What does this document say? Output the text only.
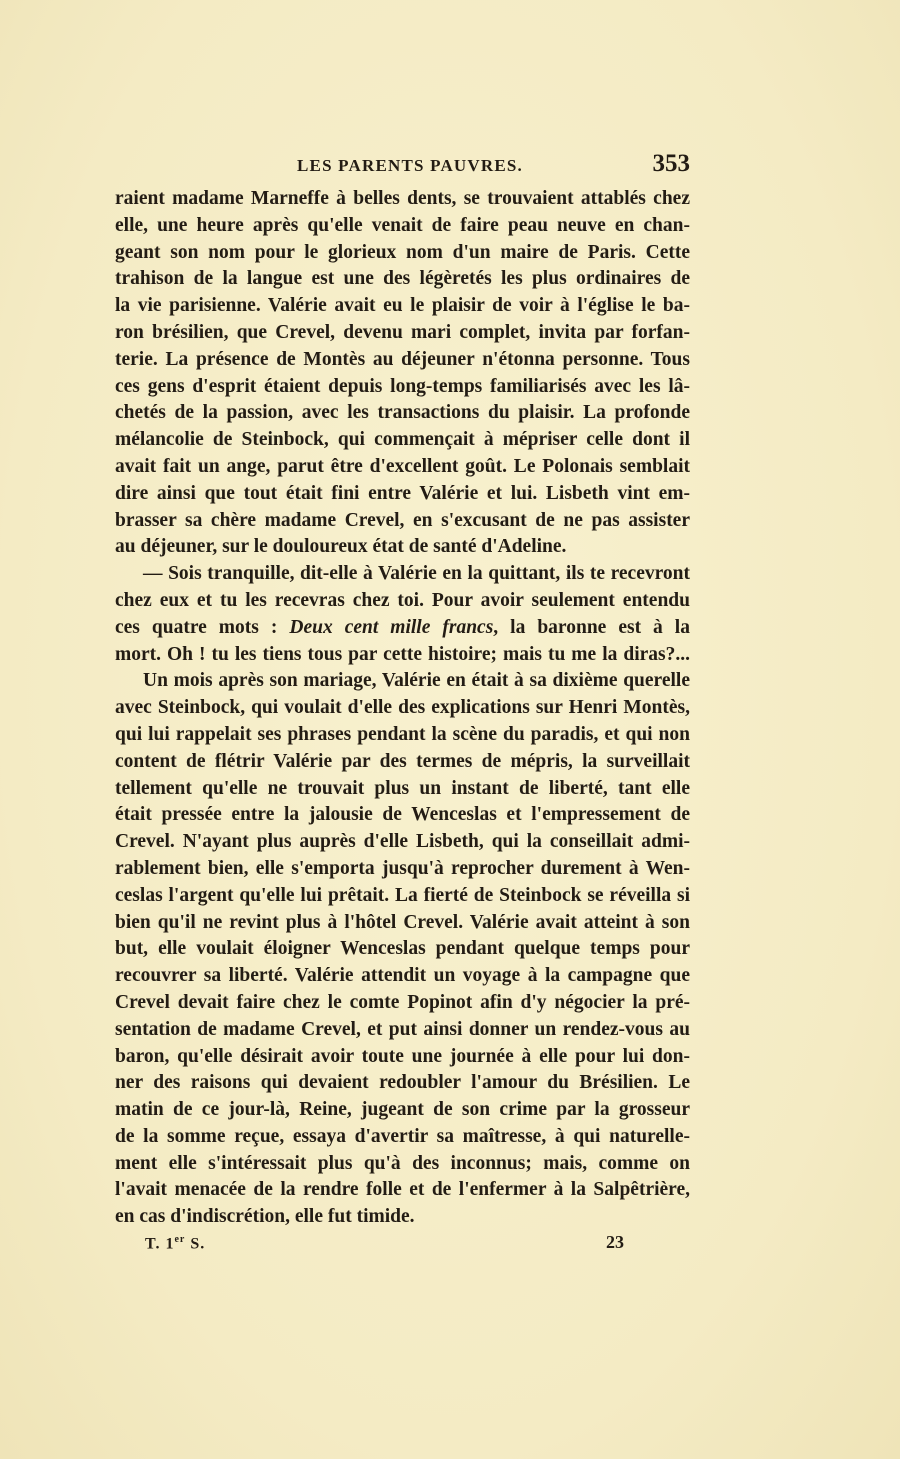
LES PARENTS PAUVRES.	353
raient madame Marneffe à belles dents, se trouvaient attablés chez
elle, une heure après qu'elle venait de faire peau neuve en chan-
geant son nom pour le glorieux nom d'un maire de Paris. Cette
trahison de la langue est une des légèretés les plus ordinaires de
la vie parisienne. Valérie avait eu le plaisir de voir à l'église le ba-
ron brésilien, que Crevel, devenu mari complet, invita par forfan-
terie. La présence de Montès au déjeuner n'étonna personne. Tous
ces gens d'esprit étaient depuis long-temps familiarisés avec les lâ-
chetés de la passion, avec les transactions du plaisir. La profonde
mélancolie de Steinbock, qui commençait à mépriser celle dont il
avait fait un ange, parut être d'excellent goût. Le Polonais semblait
dire ainsi que tout était fini entre Valérie et lui. Lisbeth vint em-
brasser sa chère madame Crevel, en s'excusant de ne pas assister
au déjeuner, sur le douloureux état de santé d'Adeline.
— Sois tranquille, dit-elle à Valérie en la quittant, ils te recevront
chez eux et tu les recevras chez toi. Pour avoir seulement entendu
ces quatre mots : Deux cent mille francs, la baronne est à la
mort. Oh ! tu les tiens tous par cette histoire; mais tu me la diras?...
Un mois après son mariage, Valérie en était à sa dixième querelle
avec Steinbock, qui voulait d'elle des explications sur Henri Montès,
qui lui rappelait ses phrases pendant la scène du paradis, et qui non
content de flétrir Valérie par des termes de mépris, la surveillait
tellement qu'elle ne trouvait plus un instant de liberté, tant elle
était pressée entre la jalousie de Wenceslas et l'empressement de
Crevel. N'ayant plus auprès d'elle Lisbeth, qui la conseillait admi-
rablement bien, elle s'emporta jusqu'à reprocher durement à Wen-
ceslas l'argent qu'elle lui prêtait. La fierté de Steinbock se réveilla si
bien qu'il ne revint plus à l'hôtel Crevel. Valérie avait atteint à son
but, elle voulait éloigner Wenceslas pendant quelque temps pour
recouvrer sa liberté. Valérie attendit un voyage à la campagne que
Crevel devait faire chez le comte Popinot afin d'y négocier la pré-
sentation de madame Crevel, et put ainsi donner un rendez-vous au
baron, qu'elle désirait avoir toute une journée à elle pour lui don-
ner des raisons qui devaient redoubler l'amour du Brésilien. Le
matin de ce jour-là, Reine, jugeant de son crime par la grosseur
de la somme reçue, essaya d'avertir sa maîtresse, à qui naturelle-
ment elle s'intéressait plus qu'à des inconnus; mais, comme on
l'avait menacée de la rendre folle et de l'enfermer à la Salpêtrière,
en cas d'indiscrétion, elle fut timide.
T. 1er S.	23
